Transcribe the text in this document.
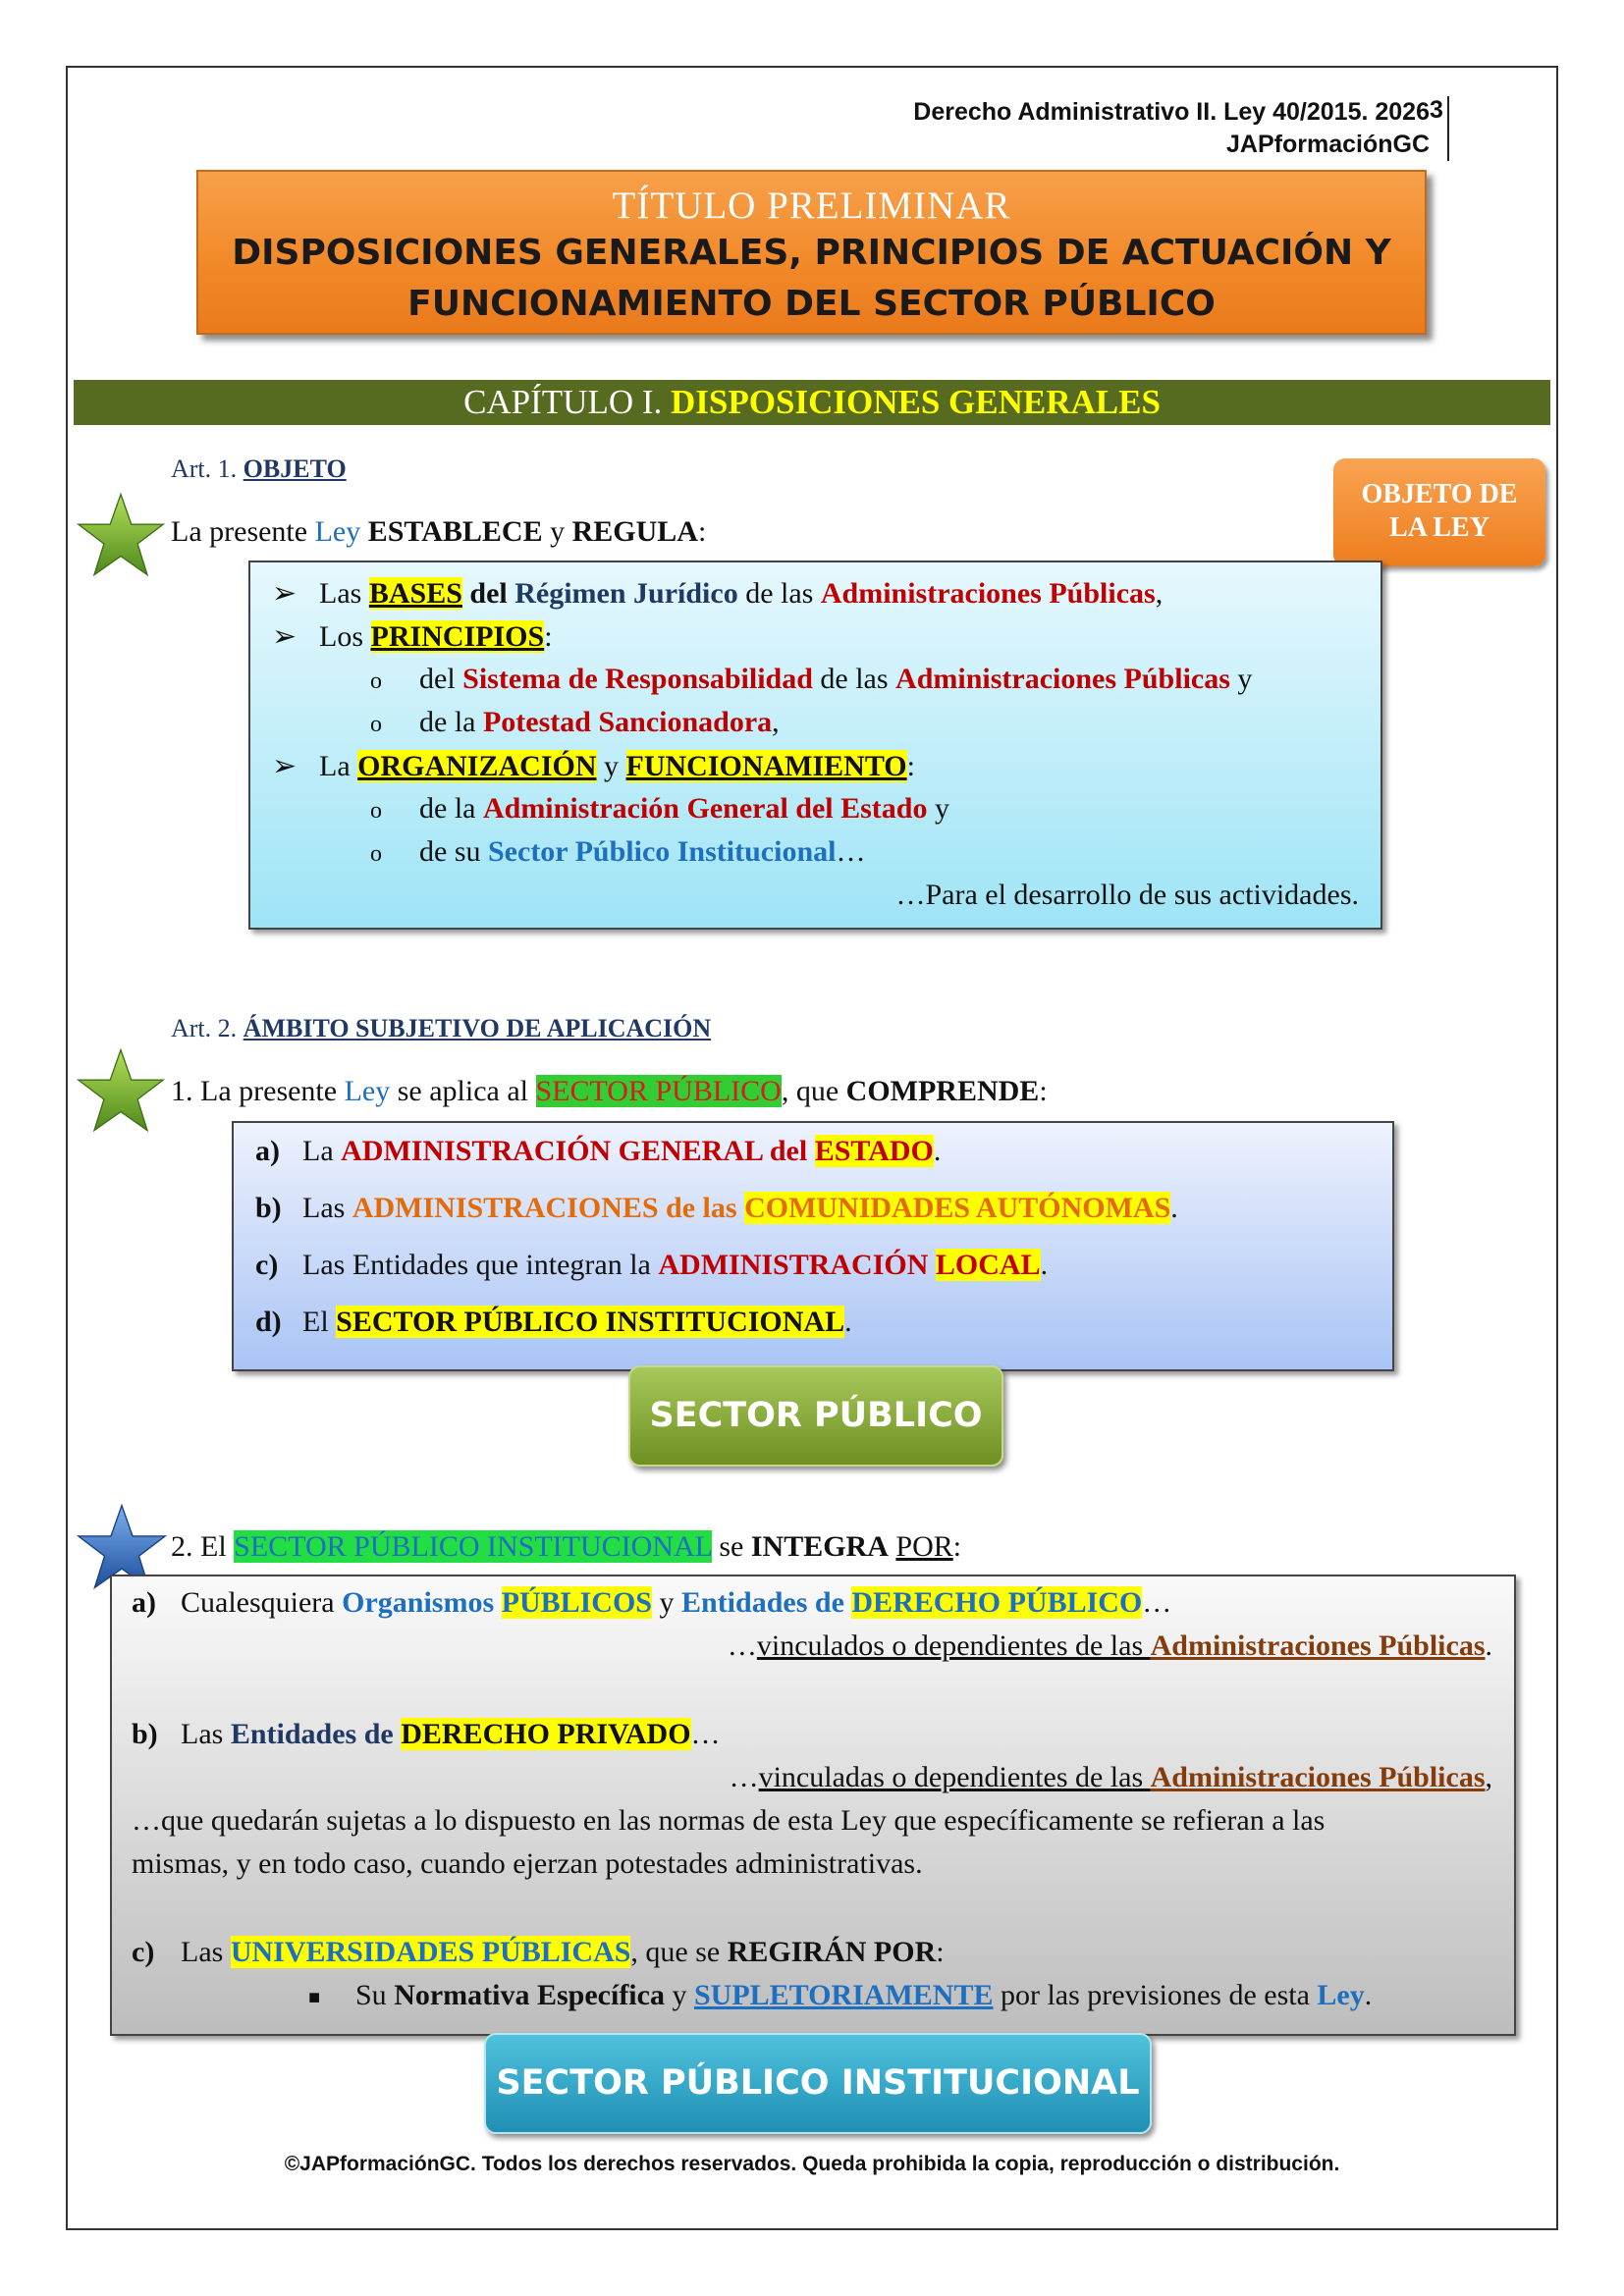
Derecho Administrativo II. Ley 40/2015. 2026
JAPformaciónGC
3
TÍTULO PRELIMINAR
DISPOSICIONES GENERALES, PRINCIPIOS DE ACTUACIÓN Y
FUNCIONAMIENTO DEL SECTOR PÚBLICO
CAPÍTULO I. DISPOSICIONES GENERALES
Art. 1. OBJETO
OBJETO DE
LA LEY
La presente Ley ESTABLECE y REGULA:
➢ Las BASES del Régimen Jurídico de las Administraciones Públicas,
➢ Los PRINCIPIOS:
o del Sistema de Responsabilidad de las Administraciones Públicas y
o de la Potestad Sancionadora,
➢ La ORGANIZACIÓN y FUNCIONAMIENTO:
o de la Administración General del Estado y
o de su Sector Público Institucional…
…Para el desarrollo de sus actividades.
Art. 2. ÁMBITO SUBJETIVO DE APLICACIÓN
1. La presente Ley se aplica al SECTOR PÚBLICO, que COMPRENDE:
a) La ADMINISTRACIÓN GENERAL del ESTADO.
b) Las ADMINISTRACIONES de las COMUNIDADES AUTÓNOMAS.
c) Las Entidades que integran la ADMINISTRACIÓN LOCAL.
d) El SECTOR PÚBLICO INSTITUCIONAL.
SECTOR PÚBLICO
2. El SECTOR PÚBLICO INSTITUCIONAL se INTEGRA POR:
a) Cualesquiera Organismos PÚBLICOS y Entidades de DERECHO PÚBLICO…
…vinculados o dependientes de las Administraciones Públicas.
b) Las Entidades de DERECHO PRIVADO…
…vinculadas o dependientes de las Administraciones Públicas,
…que quedarán sujetas a lo dispuesto en las normas de esta Ley que específicamente se refieran a las
mismas, y en todo caso, cuando ejerzan potestades administrativas.
c) Las UNIVERSIDADES PÚBLICAS, que se REGIRÁN POR:
■ Su Normativa Específica y SUPLETORIAMENTE por las previsiones de esta Ley.
SECTOR PÚBLICO INSTITUCIONAL
©JAPformaciónGC. Todos los derechos reservados. Queda prohibida la copia, reproducción o distribución.
